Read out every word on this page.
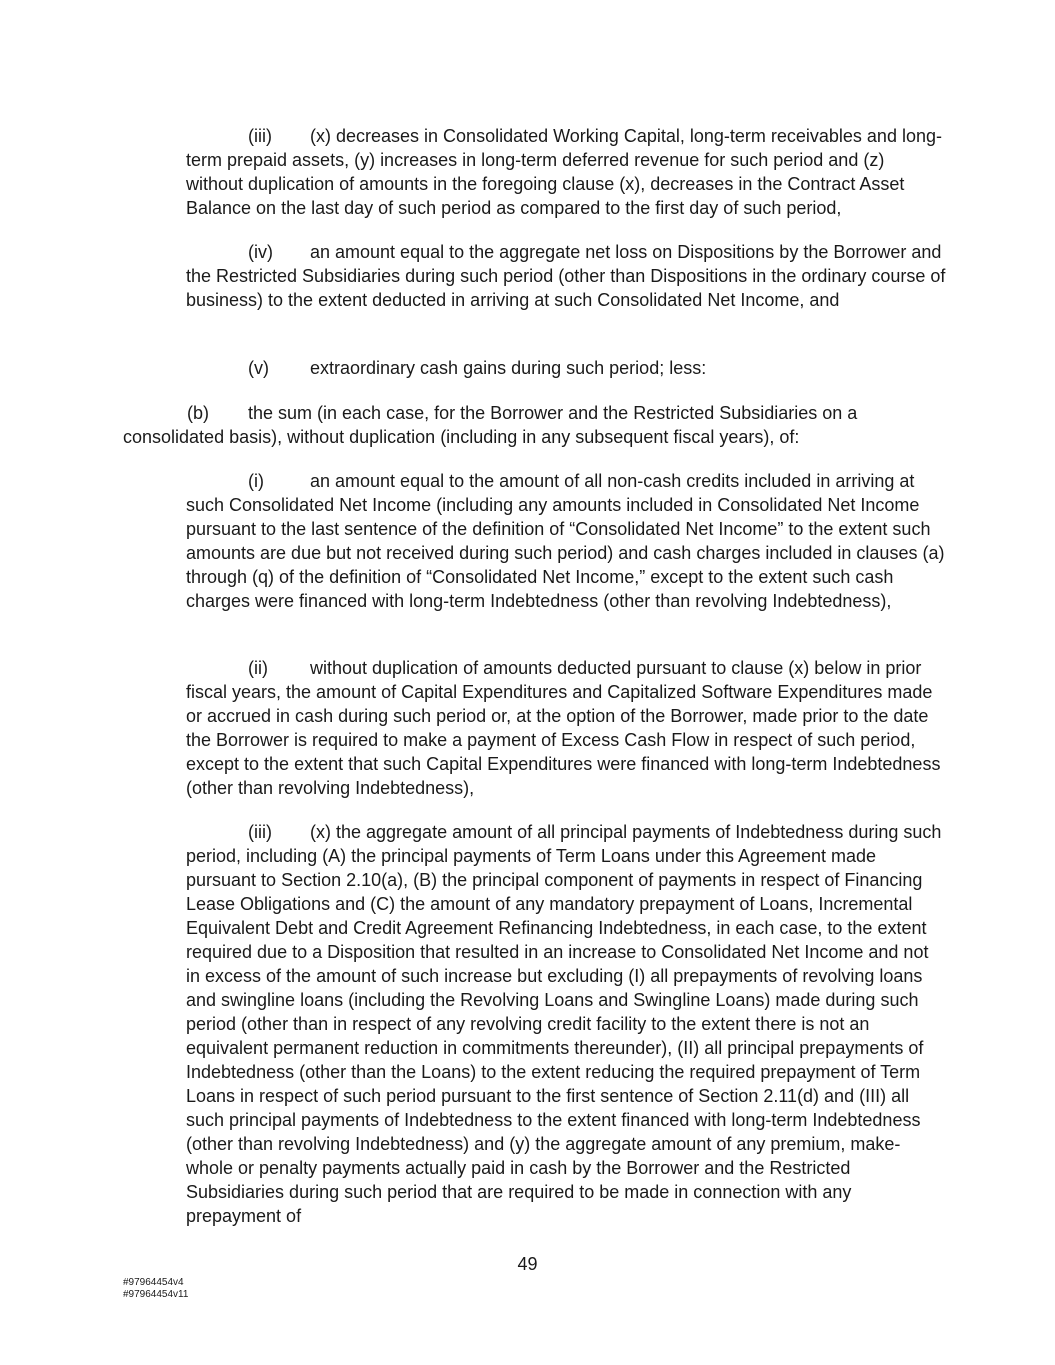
(iii) (x) decreases in Consolidated Working Capital, long-term receivables and long-term prepaid assets, (y) increases in long-term deferred revenue for such period and (z) without duplication of amounts in the foregoing clause (x), decreases in the Contract Asset Balance on the last day of such period as compared to the first day of such period,
(iv) an amount equal to the aggregate net loss on Dispositions by the Borrower and the Restricted Subsidiaries during such period (other than Dispositions in the ordinary course of business) to the extent deducted in arriving at such Consolidated Net Income, and
(v) extraordinary cash gains during such period; less:
(b) the sum (in each case, for the Borrower and the Restricted Subsidiaries on a consolidated basis), without duplication (including in any subsequent fiscal years), of:
(i)	an amount equal to the amount of all non-cash credits included in arriving at such Consolidated Net Income (including any amounts included in Consolidated Net Income pursuant to the last sentence of the definition of “Consolidated Net Income” to the extent such amounts are due but not received during such period) and cash charges included in clauses (a) through (q) of the definition of “Consolidated Net Income,” except to the extent such cash charges were financed with long-term Indebtedness (other than revolving Indebtedness),
(ii) without duplication of amounts deducted pursuant to clause (x) below in prior fiscal years, the amount of Capital Expenditures and Capitalized Software Expenditures made or accrued in cash during such period or, at the option of the Borrower, made prior to the date the Borrower is required to make a payment of Excess Cash Flow in respect of such period, except to the extent that such Capital Expenditures were financed with long-term Indebtedness (other than revolving Indebtedness),
(iii) (x) the aggregate amount of all principal payments of Indebtedness during such period, including (A) the principal payments of Term Loans under this Agreement made pursuant to Section 2.10(a), (B) the principal component of payments in respect of Financing Lease Obligations and (C) the amount of any mandatory prepayment of Loans, Incremental Equivalent Debt and Credit Agreement Refinancing Indebtedness, in each case, to the extent required due to a Disposition that resulted in an increase to Consolidated Net Income and not in excess of the amount of such increase but excluding (I) all prepayments of revolving loans and swingline loans (including the Revolving Loans and Swingline Loans) made during such period (other than in respect of any revolving credit facility to the extent there is not an equivalent permanent reduction in commitments thereunder), (II) all principal prepayments of Indebtedness (other than the Loans) to the extent reducing the required prepayment of Term Loans in respect of such period pursuant to the first sentence of Section 2.11(d) and (III) all such principal payments of Indebtedness to the extent financed with long-term Indebtedness (other than revolving Indebtedness) and (y) the aggregate amount of any premium, make-whole or penalty payments actually paid in cash by the Borrower and the Restricted Subsidiaries during such period that are required to be made in connection with any prepayment of
49
#97964454v4
#97964454v11
